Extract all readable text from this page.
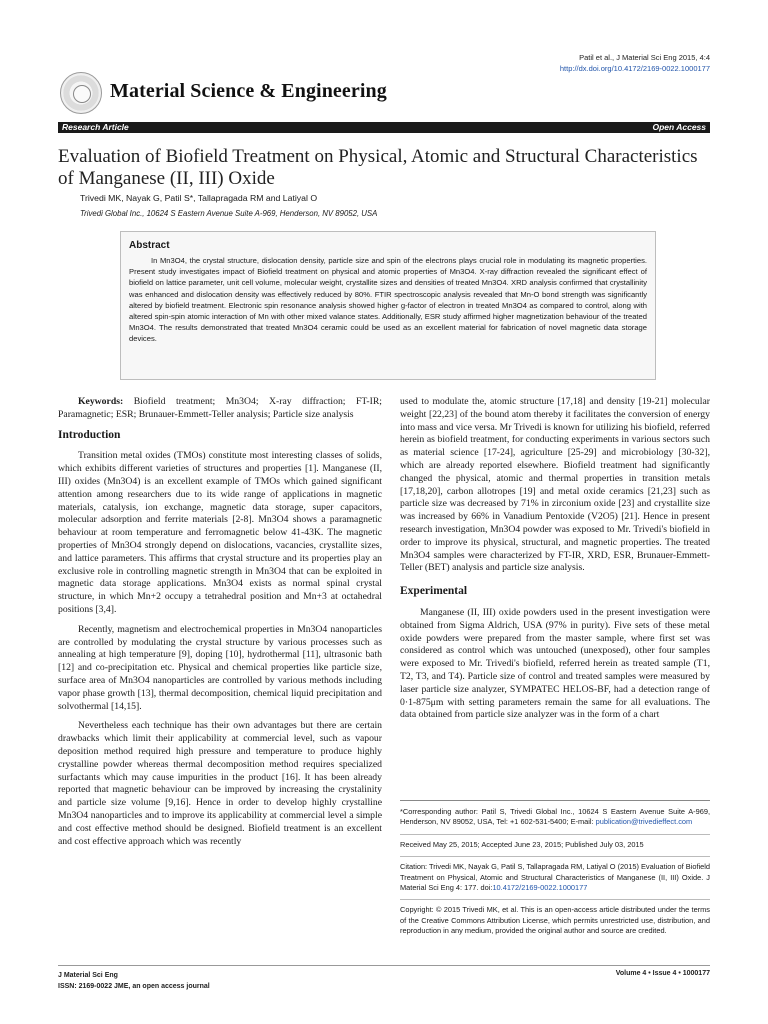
Patil et al., J Material Sci Eng 2015, 4:4
http://dx.doi.org/10.4172/2169-0022.1000177
Material Science & Engineering
Research Article	Open Access
Evaluation of Biofield Treatment on Physical, Atomic and Structural Characteristics of Manganese (II, III) Oxide
Trivedi MK, Nayak G, Patil S*, Tallapragada RM and Latiyal O
Trivedi Global Inc., 10624 S Eastern Avenue Suite A-969, Henderson, NV 89052, USA
Abstract

In Mn3O4, the crystal structure, dislocation density, particle size and spin of the electrons plays crucial role in modulating its magnetic properties. Present study investigates impact of Biofield treatment on physical and atomic properties of Mn3O4. X-ray diffraction revealed the significant effect of biofield on lattice parameter, unit cell volume, molecular weight, crystallite sizes and densities of treated Mn3O4. XRD analysis confirmed that crystallinity was enhanced and dislocation density was effectively reduced by 80%. FTIR spectroscopic analysis revealed that Mn-O bond strength was significantly altered by biofield treatment. Electronic spin resonance analysis showed higher g-factor of electron in treated Mn3O4 as compared to control, along with altered spin-spin atomic interaction of Mn with other mixed valance states. Additionally, ESR study affirmed higher magnetization behaviour of the treated Mn3O4. The results demonstrated that treated Mn3O4 ceramic could be used as an excellent material for fabrication of novel magnetic data storage devices.

Keywords: Biofield treatment; Mn3O4; X-ray diffraction; FT-IR; Paramagnetic; ESR; Brunauer-Emmett-Teller analysis; Particle size analysis

Introduction

Transition metal oxides (TMOs) constitute most interesting classes of solids, which exhibits different varieties of structures and properties [1]. Manganese (II, III) oxides (Mn3O4) is an excellent example of TMOs which gained significant attention among researchers due to its wide range of applications in magnetic materials, catalysis, ion exchange, magnetic data storage, super capacitors, molecular adsorption and ferrite materials [2-8]. Mn3O4 shows a paramagnetic behaviour at room temperature and ferromagnetic below 41-43K. The magnetic properties of Mn3O4 strongly depend on dislocations, vacancies, crystallite sizes, and lattice parameters. This affirms that crystal structure and its properties play an exclusive role in controlling magnetic strength in Mn3O4 that can be exploited in magnetic data storage applications. Mn3O4 exists as normal spinal crystal structure, in which Mn+2 occupy a tetrahedral position and Mn+3 at octahedral positions [3,4].

Recently, magnetism and electrochemical properties in Mn3O4 nanoparticles are controlled by modulating the crystal structure by various processes such as annealing at high temperature [9], doping [10], hydrothermal [11], ultrasonic bath [12] and co-precipitation etc. Physical and chemical properties like particle size, surface area of Mn3O4 nanoparticles are controlled by various methods including vapor phase growth [13], thermal decomposition, chemical liquid precipitation and solvothermal [14,15].

Nevertheless each technique has their own advantages but there are certain drawbacks which limit their applicability at commercial level, such as vapour deposition method required high pressure and temperature to produce highly crystalline powder whereas thermal decomposition method requires specialized surfactants which may cause impurities in the product [16]. It has been already reported that magnetic behaviour can be improved by increasing the crystalinity and particle size volume [9,16]. Hence in order to develop highly crystalline Mn3O4 nanoparticles and to improve its applicability at commercial level a simple and cost effective method should be designed. Biofield treatment is an excellent and cost effective approach which was recently

used to modulate the, atomic structure [17,18] and density [19-21] molecular weight [22,23] of the bound atom thereby it facilitates the conversion of energy into mass and vice versa. Mr Trivedi is known for utilizing his biofield, referred herein as biofield treatment, for conducting experiments in various sectors such as material science [17-24], agriculture [25-29] and microbiology [30-32], which are already reported elsewhere. Biofield treatment had significantly changed the physical, atomic and thermal properties in transition metals [17,18,20], carbon allotropes [19] and metal oxide ceramics [21,23] such as particle size was decreased by 71% in zirconium oxide [23] and crystallite size was increased by 66% in Vanadium Pentoxide (V2O5) [21]. Hence in present research investigation, Mn3O4 powder was exposed to Mr. Trivedi's biofield in order to improve its physical, structural, and magnetic properties. The treated Mn3O4 samples were characterized by FT-IR, XRD, ESR, Brunauer-Emmett-Teller (BET) analysis and particle size analysis.

Experimental

Manganese (II, III) oxide powders used in the present investigation were obtained from Sigma Aldrich, USA (97% in purity). Five sets of these metal oxide powders were prepared from the master sample, where first set was considered as control which was untouched (unexposed), other four samples were exposed to Mr. Trivedi's biofield, referred herein as treated sample (T1, T2, T3, and T4). Particle size of control and treated samples were measured by laser particle size analyzer, SYMPATEC HELOS-BF, had a detection range of 0·1-875μm with setting parameters remain the same for all evaluations. The data obtained from particle size analyzer was in the form of a chart

*Corresponding author: Patil S, Trivedi Global Inc., 10624 S Eastern Avenue Suite A-969, Henderson, NV 89052, USA, Tel: +1 602-531-5400; E-mail: publication@trivedieffect.com
Received May 25, 2015; Accepted June 23, 2015; Published July 03, 2015
Citation: Trivedi MK, Nayak G, Patil S, Tallapragada RM, Latiyal O (2015) Evaluation of Biofield Treatment on Physical, Atomic and Structural Characteristics of Manganese (II, III) Oxide. J Material Sci Eng 4: 177. doi:10.4172/2169-0022.1000177
Copyright: © 2015 Trivedi MK, et al. This is an open-access article distributed under the terms of the Creative Commons Attribution License, which permits unrestricted use, distribution, and reproduction in any medium, provided the original author and source are credited.
J Material Sci Eng
ISSN: 2169-0022 JME, an open access journal
Volume 4 • Issue 4 • 1000177
